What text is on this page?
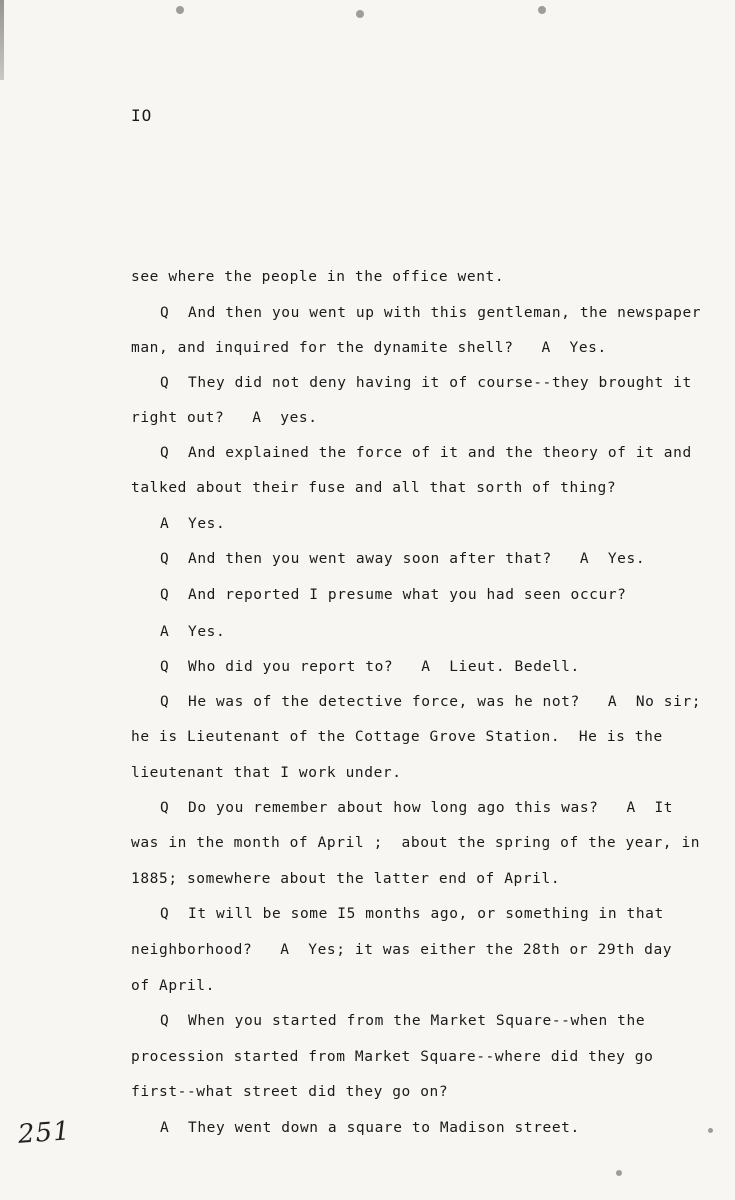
IO
see where the people in the office went.
Q  And then you went up with this gentleman, the newspaper
man, and inquired for the dynamite shell?   A  Yes.
Q  They did not deny having it of course--they brought it
right out?   A  yes.
Q  And explained the force of it and the theory of it and
talked about their fuse and all that sorth of thing?
A  Yes.
Q  And then you went away soon after that?   A  Yes.
Q  And reported I presume what you had seen occur?
A  Yes.
Q  Who did you report to?   A  Lieut. Bedell.
Q  He was of the detective force, was he not?   A  No sir;
he is Lieutenant of the Cottage Grove Station.  He is the
lieutenant that I work under.
Q  Do you remember about how long ago this was?   A  It
was in the month of April ;  about the spring of the year, in
1885; somewhere about the latter end of April.
Q  It will be some I5 months ago, or something in that
neighborhood?   A  Yes; it was either the 28th or 29th day
of April.
Q  When you started from the Market Square--when the
procession started from Market Square--where did they go
first--what street did they go on?
A  They went down a square to Madison street.
251
